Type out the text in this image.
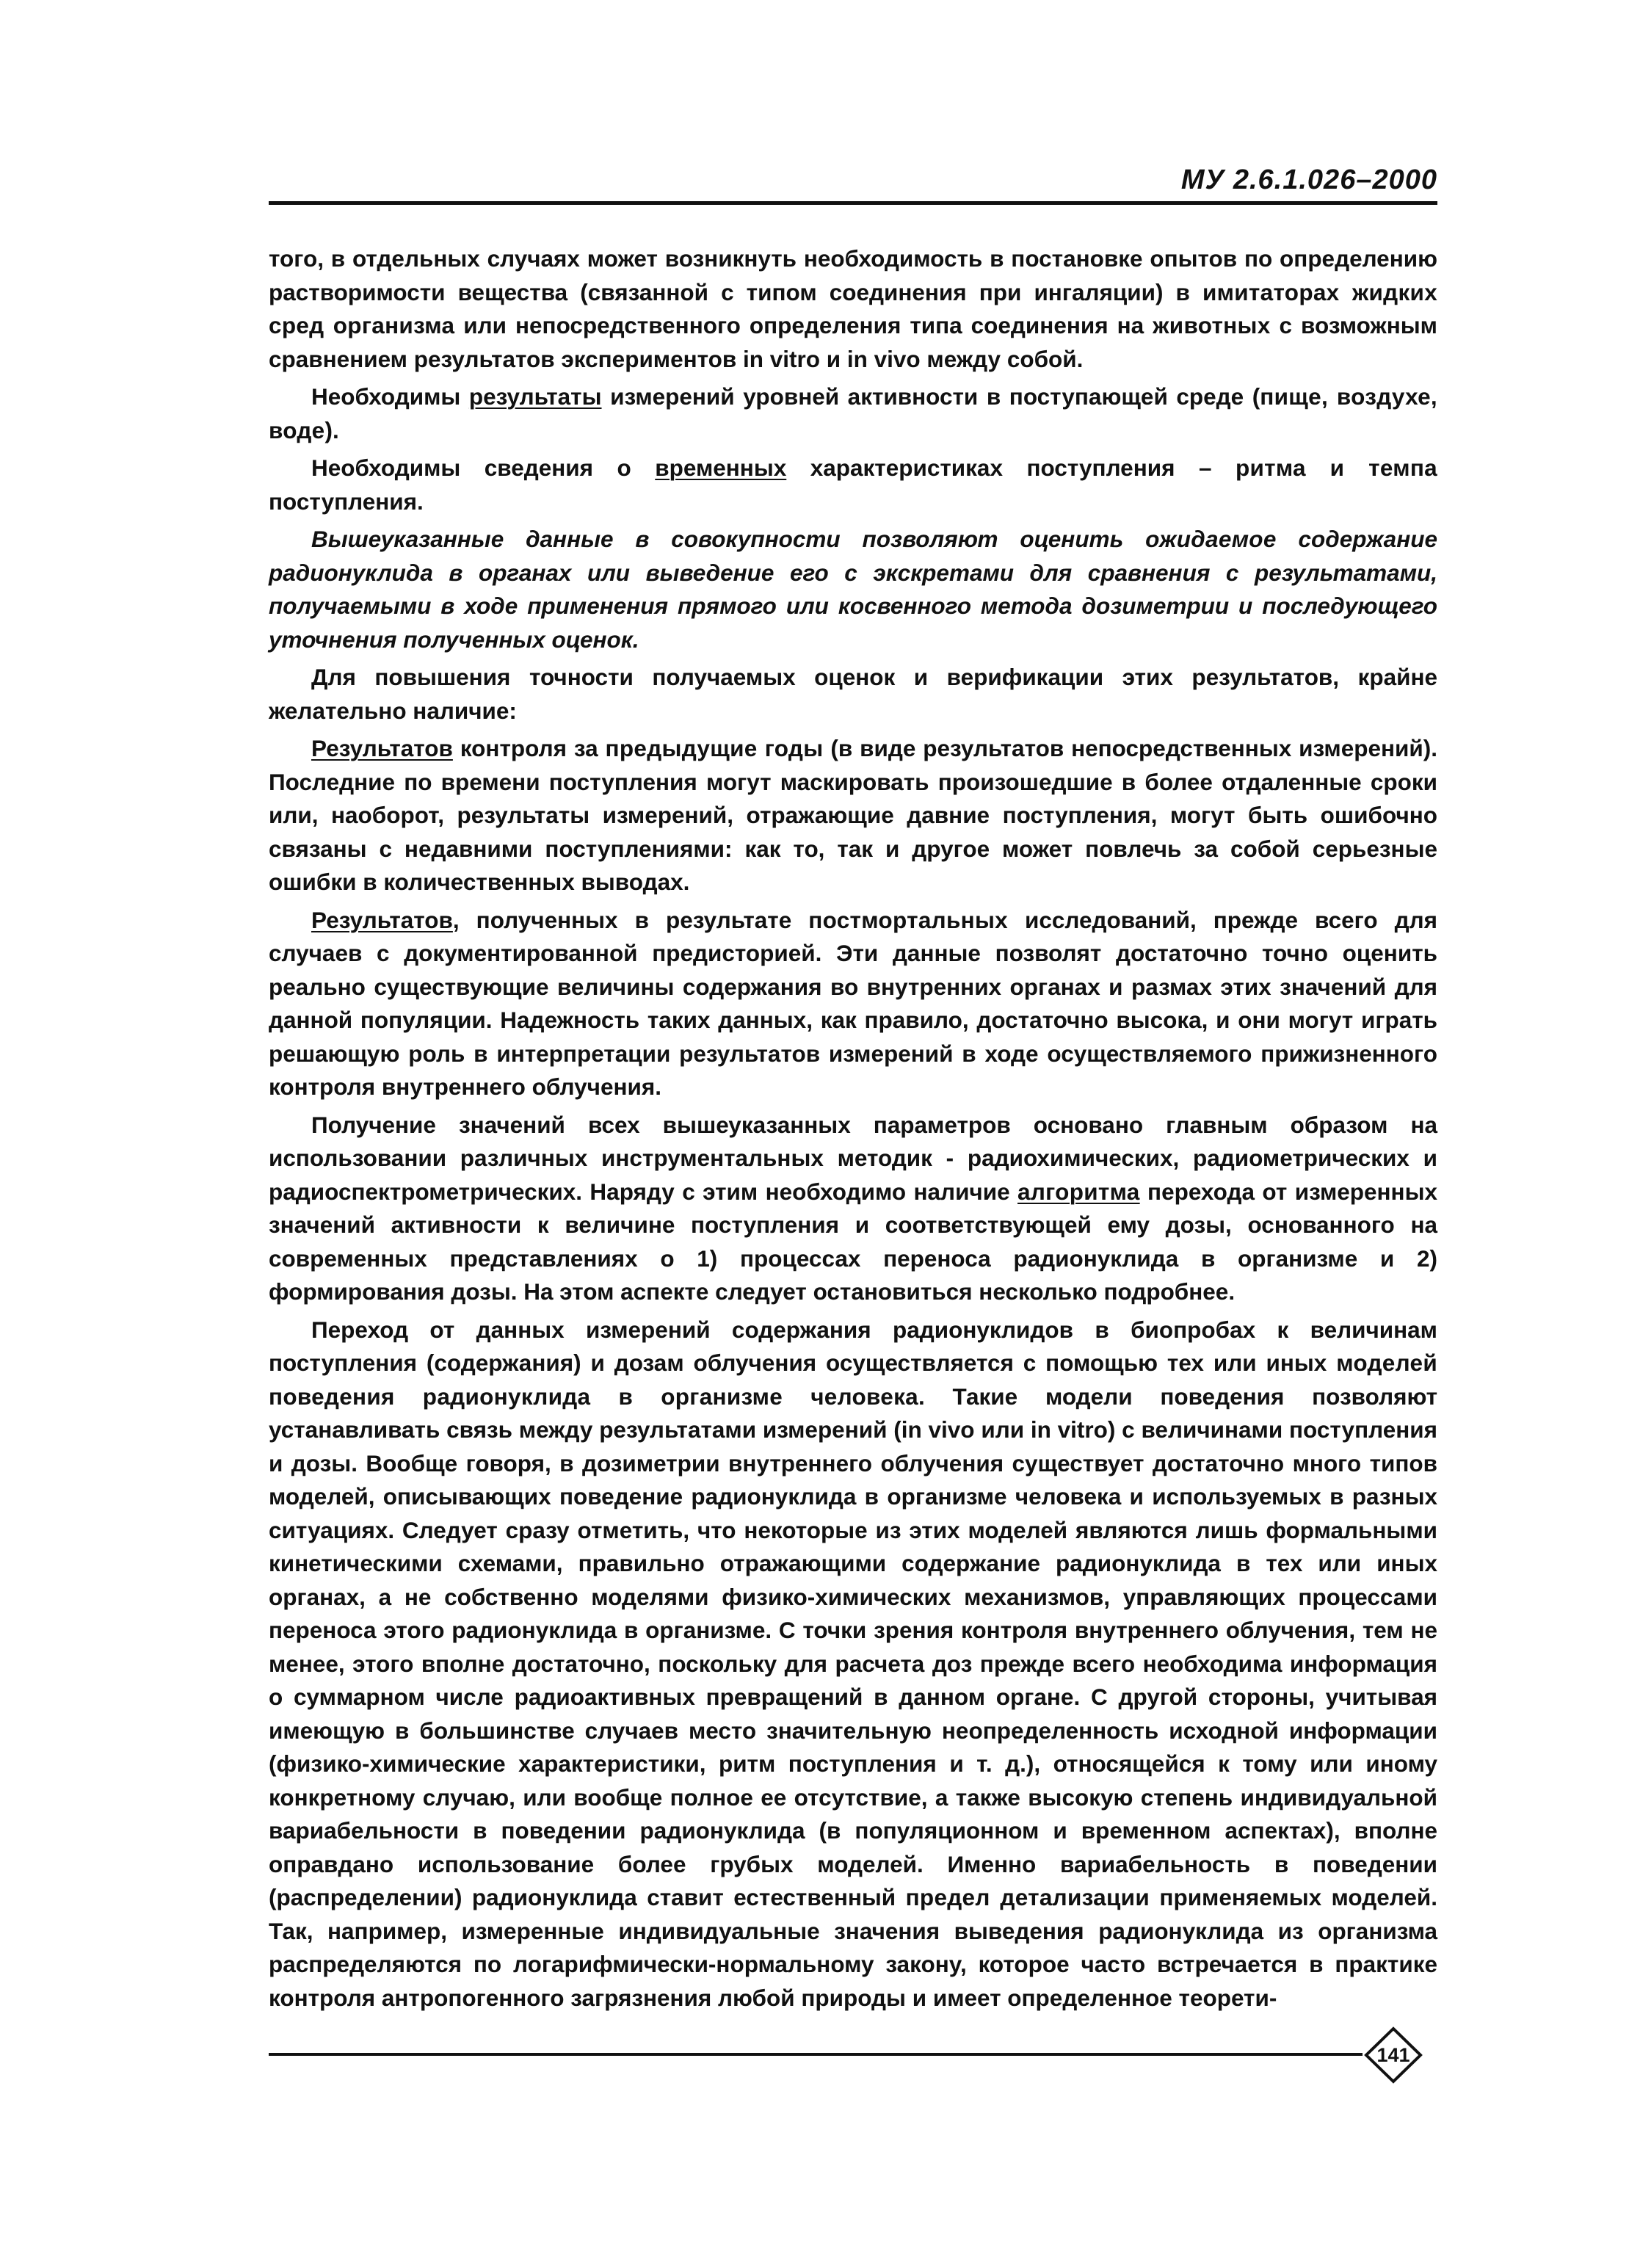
МУ 2.6.1.026–2000

того, в отдельных случаях может возникнуть необходимость в постановке опытов по определению растворимости вещества (связанной с типом соединения при ингаляции) в имитаторах жидких сред организма или непосредственного определения типа соединения на животных с возможным сравнением результатов экспериментов in vitro и in vivo между собой.

Необходимы результаты измерений уровней активности в поступающей среде (пище, воздухе, воде).

Необходимы сведения о временных характеристиках поступления – ритма и темпа поступления.

Вышеуказанные данные в совокупности позволяют оценить ожидаемое содержание радионуклида в органах или выведение его с экскретами для сравнения с результатами, получаемыми в ходе применения прямого или косвенного метода дозиметрии и последующего уточнения полученных оценок.

Для повышения точности получаемых оценок и верификации этих результатов, крайне желательно наличие:

Результатов контроля за предыдущие годы (в виде результатов непосредственных измерений). Последние по времени поступления могут маскировать произошедшие в более отдаленные сроки или, наоборот, результаты измерений, отражающие давние поступления, могут быть ошибочно связаны с недавними поступлениями: как то, так и другое может повлечь за собой серьезные ошибки в количественных выводах.

Результатов, полученных в результате постмортальных исследований, прежде всего для случаев с документированной предисторией. Эти данные позволят достаточно точно оценить реально существующие величины содержания во внутренних органах и размах этих значений для данной популяции. Надежность таких данных, как правило, достаточно высока, и они могут играть решающую роль в интерпретации результатов измерений в ходе осуществляемого прижизненного контроля внутреннего облучения.

Получение значений всех вышеуказанных параметров основано главным образом на использовании различных инструментальных методик - радиохимических, радиометрических и радиоспектрометрических. Наряду с этим необходимо наличие алгоритма перехода от измеренных значений активности к величине поступления и соответствующей ему дозы, основанного на современных представлениях о 1) процессах переноса радионуклида в организме и 2) формирования дозы. На этом аспекте следует остановиться несколько подробнее.

Переход от данных измерений содержания радионуклидов в биопробах к величинам поступления (содержания) и дозам облучения осуществляется с помощью тех или иных моделей поведения радионуклида в организме человека. Такие модели поведения позволяют устанавливать связь между результатами измерений (in vivo или in vitro) с величинами поступления и дозы. Вообще говоря, в дозиметрии внутреннего облучения существует достаточно много типов моделей, описывающих поведение радионуклида в организме человека и используемых в разных ситуациях. Следует сразу отметить, что некоторые из этих моделей являются лишь формальными кинетическими схемами, правильно отражающими содержание радионуклида в тех или иных органах, а не собственно моделями физико-химических механизмов, управляющих процессами переноса этого радионуклида в организме. С точки зрения контроля внутреннего облучения, тем не менее, этого вполне достаточно, поскольку для расчета доз прежде всего необходима информация о суммарном числе радиоактивных превращений в данном органе. С другой стороны, учитывая имеющую в большинстве случаев место значительную неопределенность исходной информации (физико-химические характеристики, ритм поступления и т. д.), относящейся к тому или иному конкретному случаю, или вообще полное ее отсутствие, а также высокую степень индивидуальной вариабельности в поведении радионуклида (в популяционном и временном аспектах), вполне оправдано использование более грубых моделей. Именно вариабельность в поведении (распределении) радионуклида ставит естественный предел детализации применяемых моделей. Так, например, измеренные индивидуальные значения выведения радионуклида из организма распределяются по логарифмически-нормальному закону, которое часто встречается в практике контроля антропогенного загрязнения любой природы и имеет определенное теорети-

141
